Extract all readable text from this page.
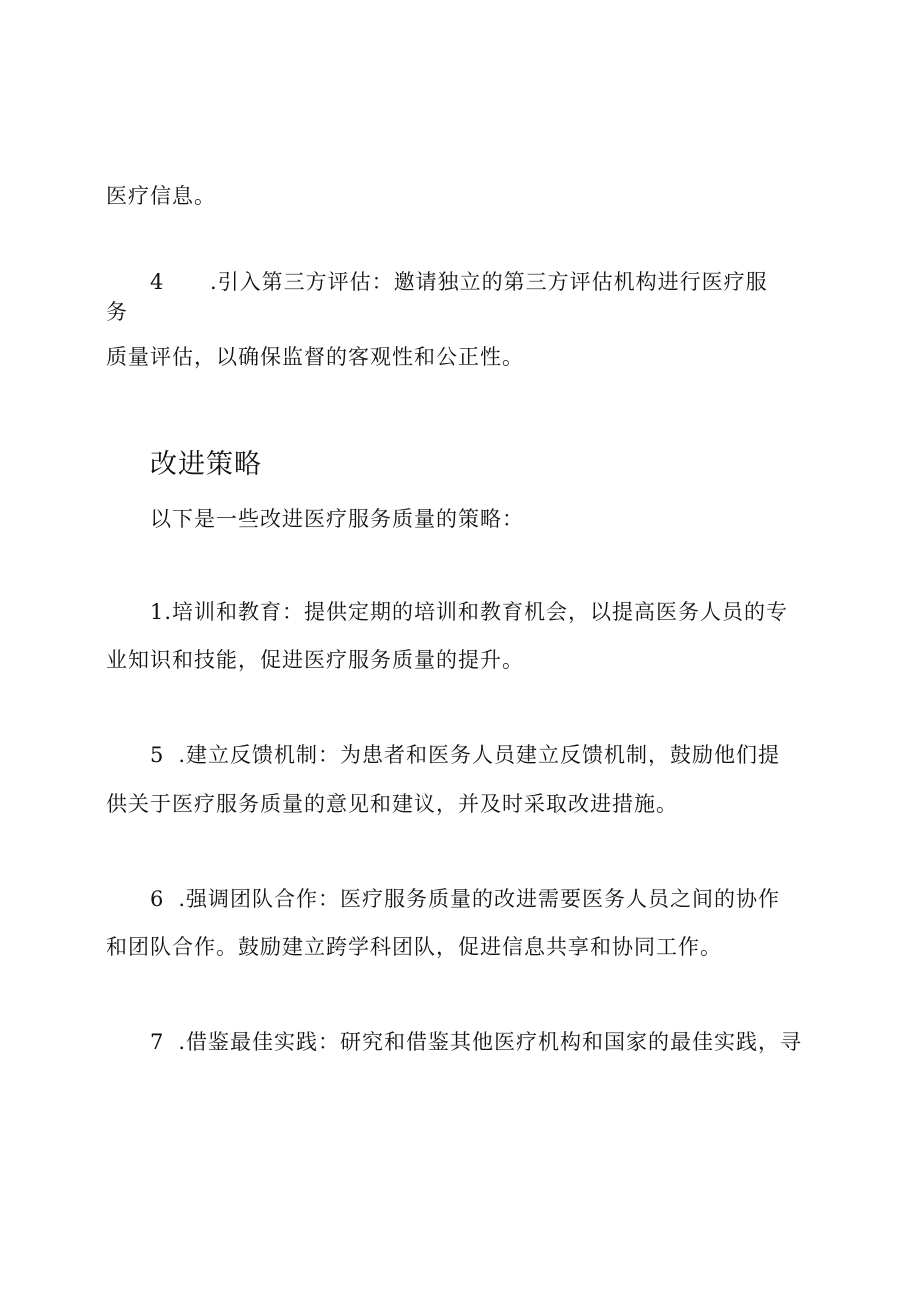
医疗信息。
4 .引入第三方评估：邀请独立的第三方评估机构进行医疗服
务
质量评估，以确保监督的客观性和公正性。
改进策略
以下是一些改进医疗服务质量的策略：
1.培训和教育：提供定期的培训和教育机会，以提高医务人员的专
业知识和技能，促进医疗服务质量的提升。
5 .建立反馈机制：为患者和医务人员建立反馈机制，鼓励他们提
供关于医疗服务质量的意见和建议，并及时采取改进措施。
6 .强调团队合作：医疗服务质量的改进需要医务人员之间的协作
和团队合作。鼓励建立跨学科团队，促进信息共享和协同工作。
7 .借鉴最佳实践：研究和借鉴其他医疗机构和国家的最佳实践，寻
